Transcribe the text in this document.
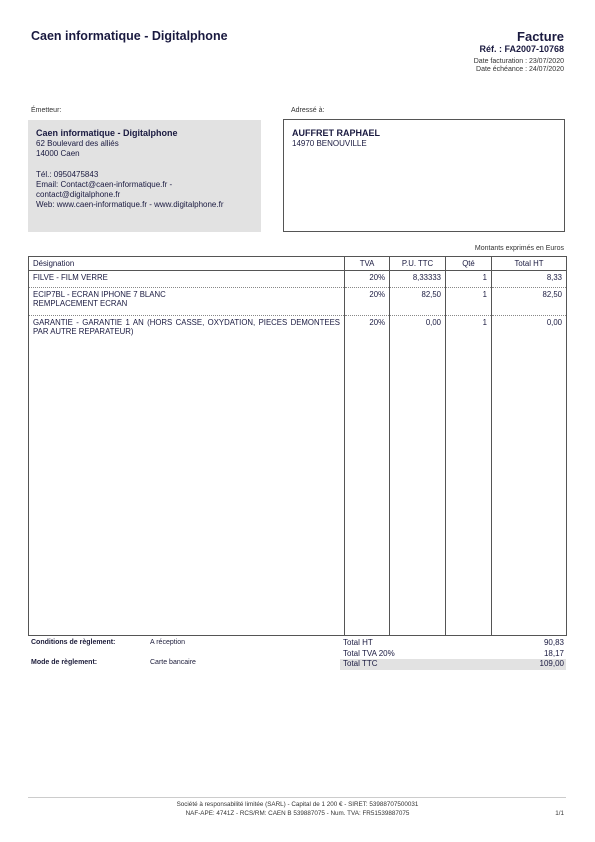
Caen informatique - Digitalphone	Facture
Réf. : FA2007-10768
Date facturation : 23/07/2020
Date échéance : 24/07/2020
Émetteur:	Adressé à:
Caen informatique - Digitalphone
62 Boulevard des alliés
14000 Caen
Tél.: 0950475843
Email: Contact@caen-informatique.fr -
contact@digitalphone.fr
Web: www.caen-informatique.fr - www.digitalphone.fr
AUFFRET RAPHAEL
14970 BENOUVILLE
Montants exprimés en Euros
Désignation	TVA	P.U. TTC	Qté	Total HT

FILVE - FILM VERRE	20%	8,33333	1	8,33

ECIP7BL - ECRAN IPHONE 7 BLANC
REMPLACEMENT ECRAN	20%	82,50	1	82,50

GARANTIE - GARANTIE 1 AN (HORS CASSE, OXYDATION, PIECES DEMONTEES PAR AUTRE REPARATEUR)	20%	0,00	1	0,00
Conditions de règlement:	A réception
Mode de règlement:	Carte bancaire
Total HT	90,83
Total TVA 20%	18,17
Total TTC	109,00
Société à responsabilité limitée (SARL) - Capital de 1 200 € - SIRET: 53988707500031
NAF-APE: 4741Z - RCS/RM: CAEN B 539887075 - Num. TVA: FR51539887075	1/1
